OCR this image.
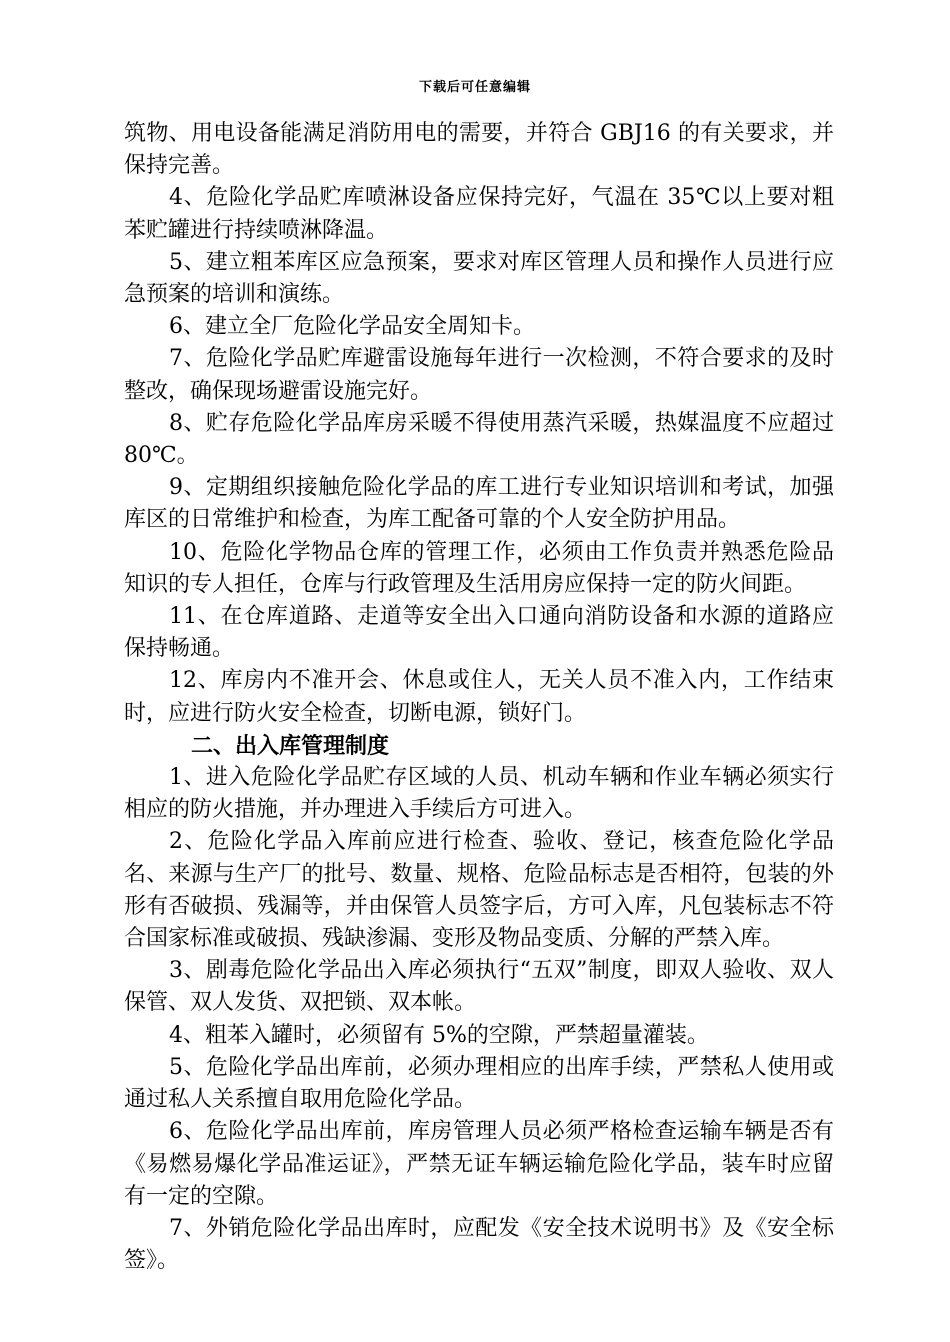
下载后可任意编辑

筑物、用电设备能满足消防用电的需要，并符合 GBJ16 的有关要求，并保持完善。

4、危险化学品贮库喷淋设备应保持完好，气温在 35℃以上要对粗苯贮罐进行持续喷淋降温。

5、建立粗苯库区应急预案，要求对库区管理人员和操作人员进行应急预案的培训和演练。

6、建立全厂危险化学品安全周知卡。

7、危险化学品贮库避雷设施每年进行一次检测，不符合要求的及时整改，确保现场避雷设施完好。

8、贮存危险化学品库房采暖不得使用蒸汽采暖，热媒温度不应超过 80℃。

9、定期组织接触危险化学品的库工进行专业知识培训和考试，加强库区的日常维护和检查，为库工配备可靠的个人安全防护用品。

10、危险化学物品仓库的管理工作，必须由工作负责并熟悉危险品知识的专人担任，仓库与行政管理及生活用房应保持一定的防火间距。

11、在仓库道路、走道等安全出入口通向消防设备和水源的道路应保持畅通。

12、库房内不准开会、休息或住人，无关人员不准入内，工作结束时，应进行防火安全检查，切断电源，锁好门。

二、出入库管理制度

1、进入危险化学品贮存区域的人员、机动车辆和作业车辆必须实行相应的防火措施，并办理进入手续后方可进入。

2、危险化学品入库前应进行检查、验收、登记，核查危险化学品名、来源与生产厂的批号、数量、规格、危险品标志是否相符，包装的外形有否破损、残漏等，并由保管人员签字后，方可入库，凡包装标志不符合国家标准或破损、残缺渗漏、变形及物品变质、分解的严禁入库。

3、剧毒危险化学品出入库必须执行“五双”制度，即双人验收、双人保管、双人发货、双把锁、双本帐。

4、粗苯入罐时，必须留有 5%的空隙，严禁超量灌装。

5、危险化学品出库前，必须办理相应的出库手续，严禁私人使用或通过私人关系擅自取用危险化学品。

6、危险化学品出库前，库房管理人员必须严格检查运输车辆是否有《易燃易爆化学品准运证》，严禁无证车辆运输危险化学品，装车时应留有一定的空隙。

7、外销危险化学品出库时，应配发《安全技术说明书》及《安全标签》。
